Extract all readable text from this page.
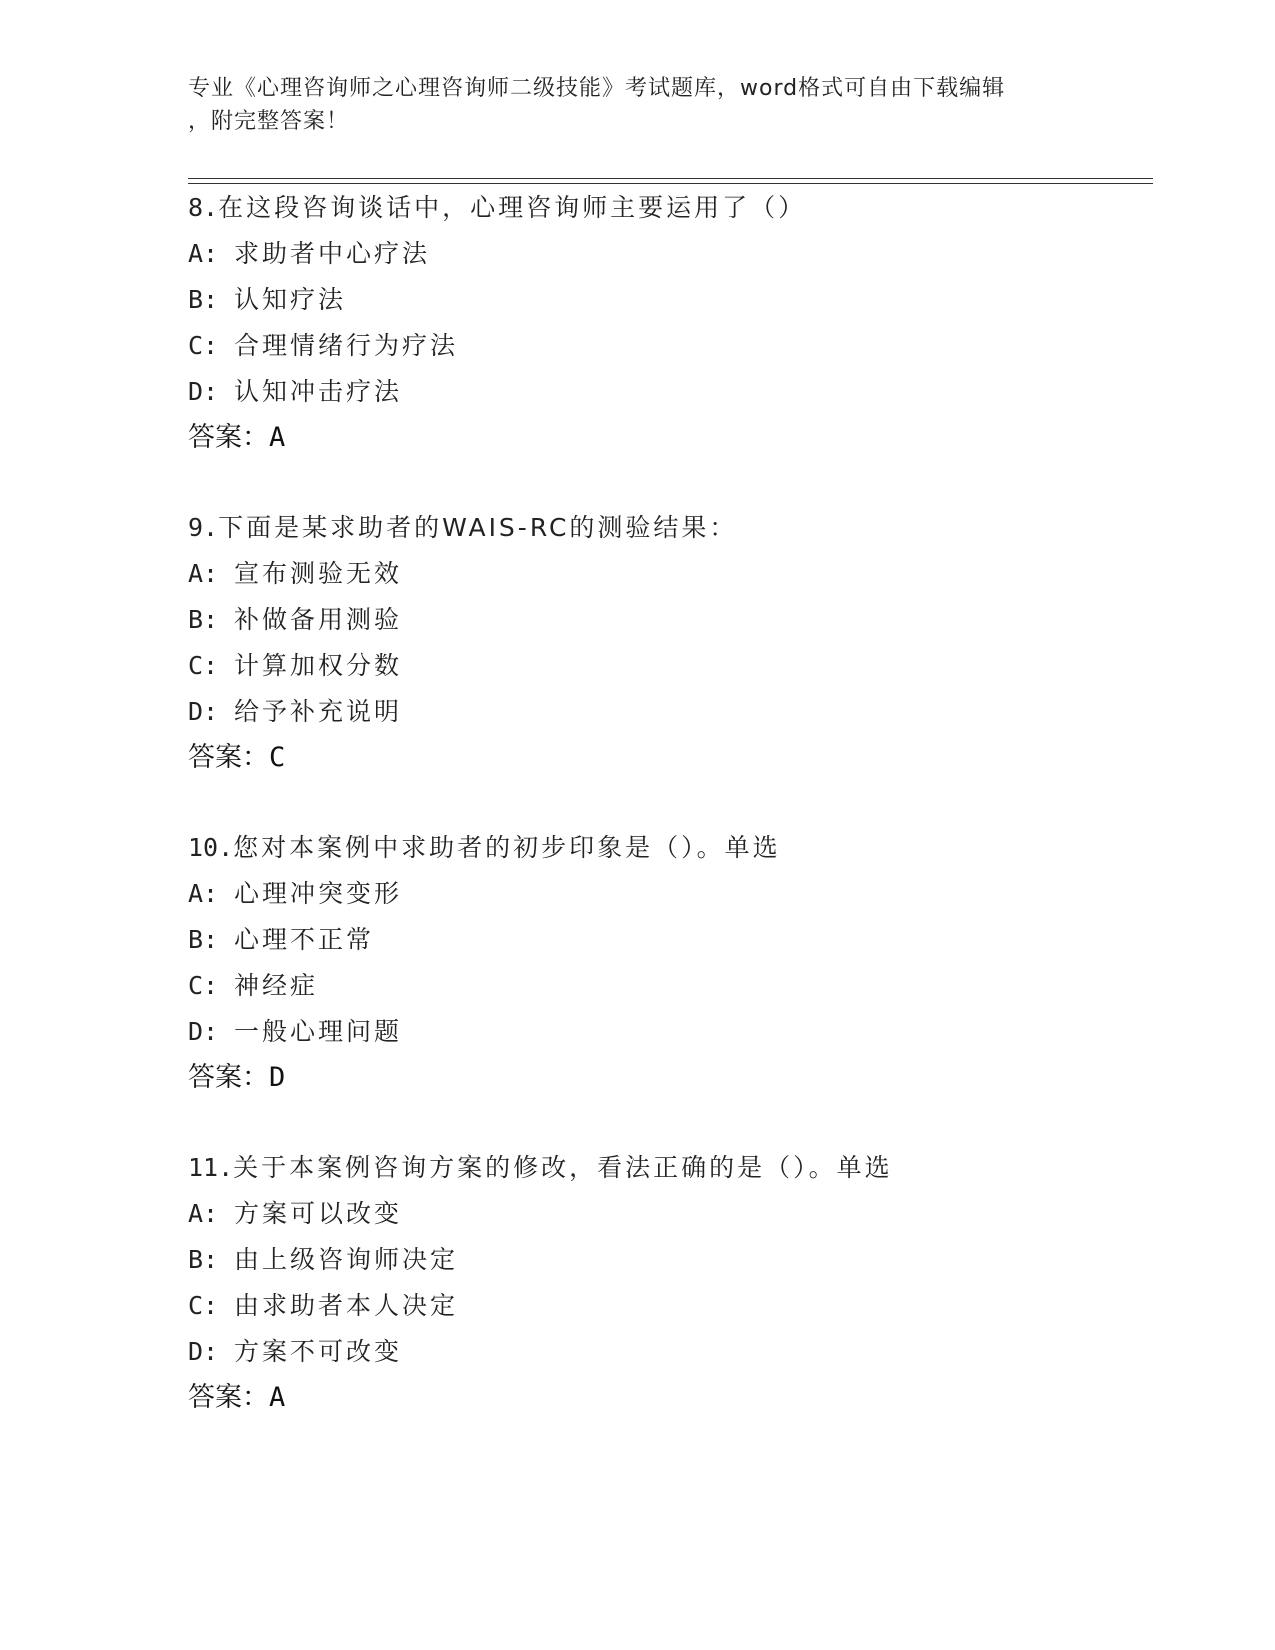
专业《心理咨询师之心理咨询师二级技能》考试题库，word格式可自由下载编辑
，附完整答案！
8.在这段咨询谈话中，心理咨询师主要运用了（）
A: 求助者中心疗法
B: 认知疗法
C: 合理情绪行为疗法
D: 认知冲击疗法
答案：A
9.下面是某求助者的WAIS-RC的测验结果：
A: 宣布测验无效
B: 补做备用测验
C: 计算加权分数
D: 给予补充说明
答案：C
10.您对本案例中求助者的初步印象是（）。单选
A: 心理冲突变形
B: 心理不正常
C: 神经症
D: 一般心理问题
答案：D
11.关于本案例咨询方案的修改，看法正确的是（）。单选
A: 方案可以改变
B: 由上级咨询师决定
C: 由求助者本人决定
D: 方案不可改变
答案：A
